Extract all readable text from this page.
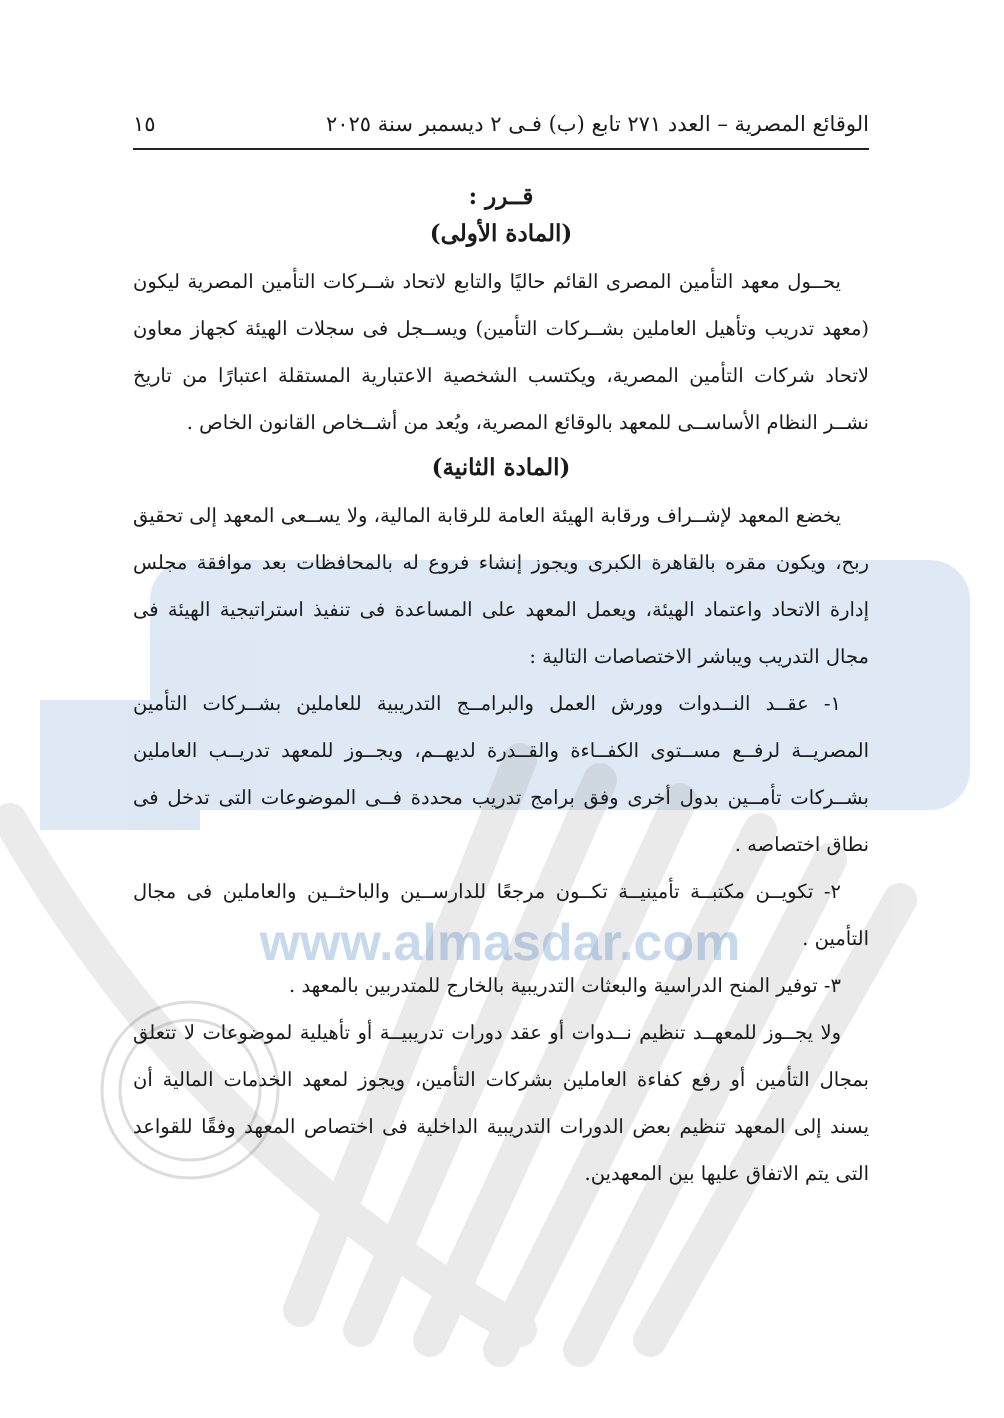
www.almasdar.com
الوقائع المصرية – العدد ٢٧١ تابع (ب) فـى ٢ ديسمبر سنة ٢٠٢٥
١٥
قــرر :
(المادة الأولى)

يحــول معهد التأمين المصرى القائم حاليًا والتابع لاتحاد شــركات التأمين المصرية ليكون (معهد تدريب وتأهيل العاملين بشــركات التأمين) ويســجل فى سجلات الهيئة كجهاز معاون لاتحاد شركات التأمين المصرية، ويكتسب الشخصية الاعتبارية المستقلة اعتبارًا من تاريخ نشــر النظام الأساســى للمعهد بالوقائع المصرية، ويُعد من أشــخاص القانون الخاص .

(المادة الثانية)

يخضع المعهد لإشــراف ورقابة الهيئة العامة للرقابة المالية، ولا يســعى المعهد إلى تحقيق ربح، ويكون مقره بالقاهرة الكبرى ويجوز إنشاء فروع له بالمحافظات بعد موافقة مجلس إدارة الاتحاد واعتماد الهيئة، ويعمل المعهد على المساعدة فى تنفيذ استراتيجية الهيئة فى مجال التدريب ويباشر الاختصاصات التالية :

١- عقــد النــدوات وورش العمل والبرامــج التدريبية للعاملين بشــركات التأمين المصريــة لرفــع مســتوى الكفــاءة والقــدرة لديهــم، ويجــوز للمعهد تدريــب العاملين بشــركات تأمــين بدول أخرى وفق برامج تدريب محددة فــى الموضوعات التى تدخل فى نطاق اختصاصه .

٢- تكويــن مكتبــة تأمينيــة تكــون مرجعًا للدارســين والباحثــين والعاملين فى مجال التأمين .

٣- توفير المنح الدراسية والبعثات التدريبية بالخارج للمتدربين بالمعهد .

ولا يجــوز للمعهــد تنظيم نــدوات أو عقد دورات تدريبيــة أو تأهيلية لموضوعات لا تتعلق بمجال التأمين أو رفع كفاءة العاملين بشركات التأمين، ويجوز لمعهد الخدمات المالية أن يسند إلى المعهد تنظيم بعض الدورات التدريبية الداخلية فى اختصاص المعهد وفقًا للقواعد التى يتم الاتفاق عليها بين المعهدين.
